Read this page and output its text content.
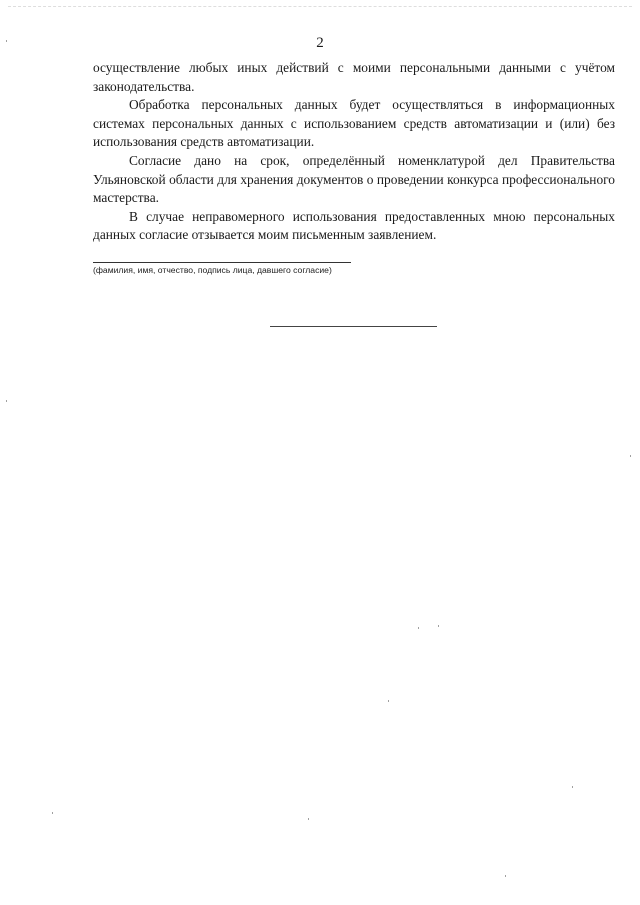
2

осуществление любых иных действий с моими персональными данными с учётом законодательства.

Обработка персональных данных будет осуществляться в информационных системах персональных данных с использованием средств автоматизации и (или) без использования средств автоматизации.

Согласие дано на срок, определённый номенклатурой дел Правительства Ульяновской области для хранения документов о проведении конкурса профессионального мастерства.

В случае неправомерного использования предоставленных мною персональных данных согласие отзывается моим письменным заявлением.

(фамилия, имя, отчество, подпись лица, давшего согласие)
